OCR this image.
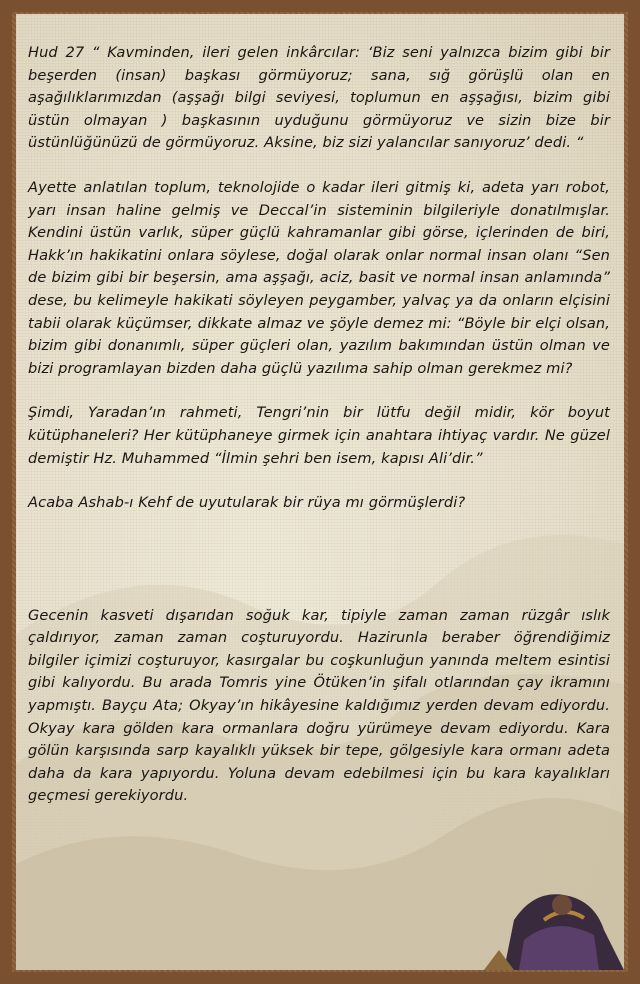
Hud 27 “ Kavminden, ileri gelen inkârcılar: ‘Biz seni yalnızca bizim gibi bir beşerden (insan) başkası görmüyoruz; sana, sığ görüşlü olan en aşağılıklarımızdan (aşşağı bilgi seviyesi, toplumun en aşşağısı, bizim gibi üstün olmayan ) başkasının uyduğunu görmüyoruz ve sizin bize bir üstünlüğünüzü de görmüyoruz. Aksine, biz sizi yalancılar sanıyoruz’ dedi. “

Ayette anlatılan toplum, teknolojide o kadar ileri gitmiş ki, adeta yarı robot, yarı insan haline gelmiş ve Deccal’in sisteminin bilgileriyle donatılmışlar. Kendini üstün varlık, süper güçlü kahramanlar gibi görse, içlerinden de biri, Hakk’ın hakikatini onlara söylese, doğal olarak onlar normal insan olanı “Sen de bizim gibi bir beşersin, ama aşşağı, aciz, basit ve normal insan anlamında” dese, bu kelimeyle hakikati söyleyen peygamber, yalvaç ya da onların elçisini tabii olarak küçümser, dikkate almaz ve şöyle demez mi: “Böyle bir elçi olsan, bizim gibi donanımlı, süper güçleri olan, yazılım bakımından üstün olman ve bizi programlayan bizden daha güçlü yazılıma sahip olman gerekmez mi?

Şimdi, Yaradan’ın rahmeti, Tengri’nin bir lütfu değil midir, kör boyut kütüphaneleri? Her kütüphaneye girmek için anahtara ihtiyaç vardır. Ne güzel demiştir Hz. Muhammed “İlmin şehri ben isem, kapısı Ali’dir.”

Acaba Ashab-ı Kehf de uyutularak bir rüya mı görmüşlerdi?

Gecenin kasveti dışarıdan soğuk kar, tipiyle zaman zaman rüzgâr ıslık çaldırıyor, zaman zaman coşturuyordu. Hazirunla beraber öğrendiğimiz bilgiler içimizi coşturuyor, kasırgalar bu coşkunluğun yanında meltem esintisi gibi kalıyordu. Bu arada Tomris yine Ötüken’in şifalı otlarından çay ikramını yapmıştı. Bayçu Ata; Okyay’ın hikâyesine kaldığımız yerden devam ediyordu. Okyay kara gölden kara ormanlara doğru yürümeye devam ediyordu. Kara gölün karşısında sarp kayalıklı yüksek bir tepe, gölgesiyle kara ormanı adeta daha da kara yapıyordu. Yoluna devam edebilmesi için bu kara kayalıkları geçmesi gerekiyordu.
